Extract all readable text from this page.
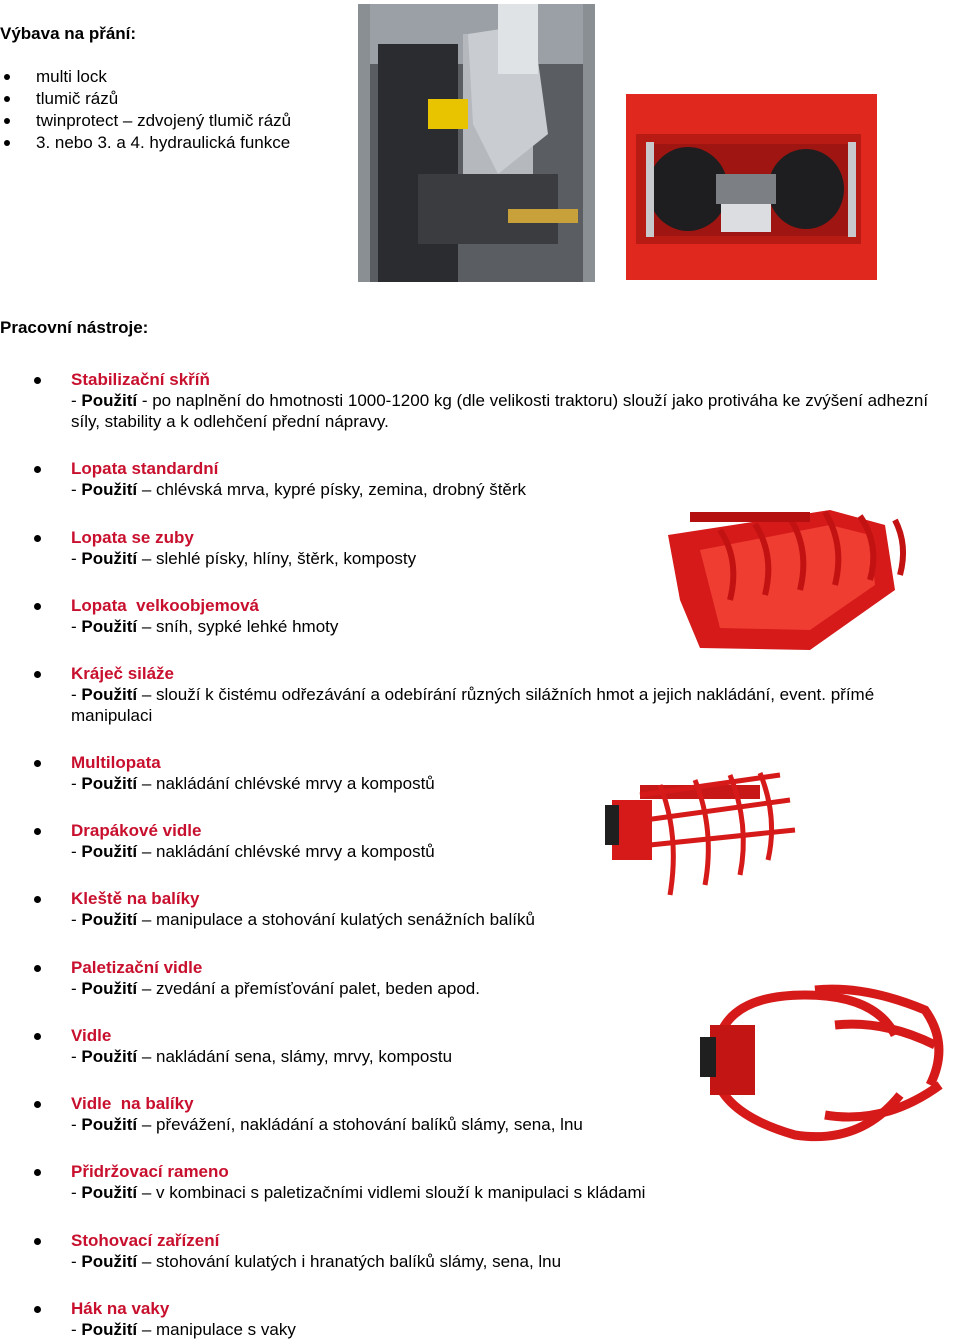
Výbava na přání:
multi lock
tlumič rázů
twinprotect – zdvojený tlumič rázů
3. nebo 3. a 4. hydraulická funkce
Pracovní nástroje:
Stabilizační skříň
- Použití - po naplnění do hmotnosti 1000-1200 kg (dle velikosti traktoru) slouží jako protiváha ke zvýšení adhezní síly, stability a k odlehčení přední nápravy.
Lopata standardní
- Použití – chlévská mrva, kypré písky, zemina, drobný štěrk
Lopata se zuby
- Použití – slehlé písky, hlíny, štěrk, komposty
Lopata  velkoobjemová
- Použití – sníh, sypké lehké hmoty
Kráječ siláže
- Použití – slouží k čistému odřezávání a odebírání různých silážních hmot a jejich nakládání, event. přímé manipulaci
Multilopata
- Použití – nakládání chlévské mrvy a kompostů
Drapákové vidle
- Použití – nakládání chlévské mrvy a kompostů
Kleště na balíky
- Použití – manipulace a stohování kulatých senážních balíků
Paletizační vidle
- Použití – zvedání a přemísťování palet, beden apod.
Vidle
- Použití – nakládání sena, slámy, mrvy, kompostu
Vidle  na balíky
- Použití – převážení, nakládání a stohování balíků slámy, sena, lnu
Přidržovací rameno
- Použití – v kombinaci s paletizačními vidlemi slouží k manipulaci s kládami
Stohovací zařízení
- Použití – stohování kulatých i hranatých balíků slámy, sena, lnu
Hák na vaky
- Použití – manipulace s vaky
